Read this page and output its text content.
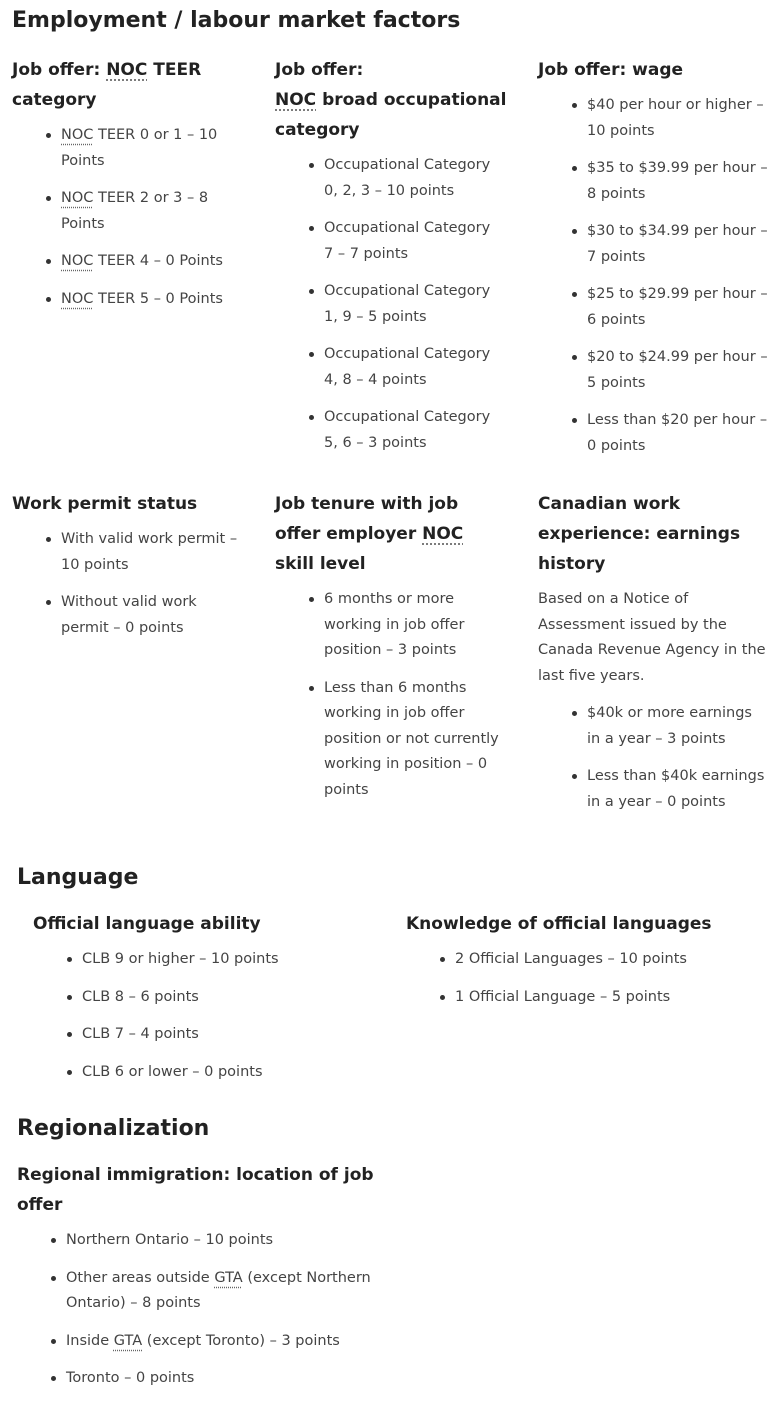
Employment / labour market factors
Job offer: NOC TEER category
NOC TEER 0 or 1 – 10 Points
NOC TEER 2 or 3 – 8 Points
NOC TEER 4 – 0 Points
NOC TEER 5 – 0 Points
Job offer:
NOC broad occupational category
Occupational Category 0, 2, 3 – 10 points
Occupational Category 7 – 7 points
Occupational Category 1, 9 – 5 points
Occupational Category 4, 8 – 4 points
Occupational Category 5, 6 – 3 points
Job offer: wage
$40 per hour or higher – 10 points
$35 to $39.99 per hour – 8 points
$30 to $34.99 per hour – 7 points
$25 to $29.99 per hour – 6 points
$20 to $24.99 per hour – 5 points
Less than $20 per hour – 0 points
Work permit status
With valid work permit – 10 points
Without valid work permit – 0 points
Job tenure with job offer employer NOC skill level
6 months or more working in job offer position – 3 points
Less than 6 months working in job offer position or not currently working in position – 0 points
Canadian work experience: earnings history

Based on a Notice of Assessment issued by the Canada Revenue Agency in the last five years.

$40k or more earnings in a year – 3 points
Less than $40k earnings in a year – 0 points
Language
Official language ability
CLB 9 or higher – 10 points
CLB 8 – 6 points
CLB 7 – 4 points
CLB 6 or lower – 0 points
Knowledge of official languages
2 Official Languages – 10 points
1 Official Language – 5 points
Regionalization
Regional immigration: location of job offer
Northern Ontario – 10 points
Other areas outside GTA (except Northern Ontario) – 8 points
Inside GTA (except Toronto) – 3 points
Toronto – 0 points
